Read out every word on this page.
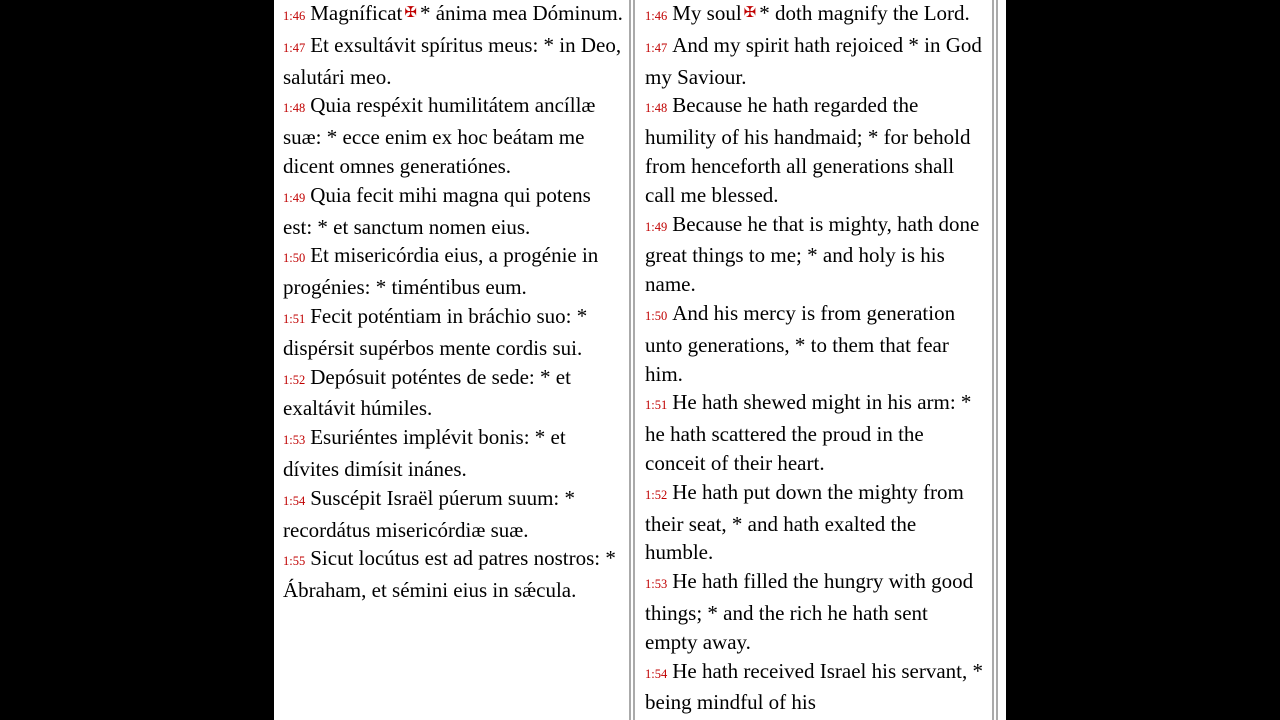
1:46 Magníficat ✠ * ánima mea Dóminum.

1:47 Et exsultávit spíritus meus: * in Deo, salutári meo.

1:48 Quia respéxit humilitátem ancíllæ suæ: * ecce enim ex hoc beátam me dicent omnes generatiónes.

1:49 Quia fecit mihi magna qui potens est: * et sanctum nomen eius.

1:50 Et misericórdia eius, a progénie in progénies: * timéntibus eum.

1:51 Fecit poténtiam in bráchio suo: * dispérsit supérbos mente cordis sui.

1:52 Depósuit poténtes de sede: * et exaltávit húmiles.

1:53 Esuriéntes implévit bonis: * et dívites dimísit inánes.

1:54 Suscépit Israël púerum suum: * recordátus misericórdiæ suæ.

1:55 Sicut locútus est ad patres nostros: * Ábraham, et sémini eius in sǽcula.

1:46 My soul ✠ * doth magnify the Lord.

1:47 And my spirit hath rejoiced * in God my Saviour.

1:48 Because he hath regarded the humility of his handmaid; * for behold from henceforth all generations shall call me blessed.

1:49 Because he that is mighty, hath done great things to me; * and holy is his name.

1:50 And his mercy is from generation unto generations, * to them that fear him.

1:51 He hath shewed might in his arm: * he hath scattered the proud in the conceit of their heart.

1:52 He hath put down the mighty from their seat, * and hath exalted the humble.

1:53 He hath filled the hungry with good things; * and the rich he hath sent empty away.

1:54 He hath received Israel his servant, * being mindful of his
